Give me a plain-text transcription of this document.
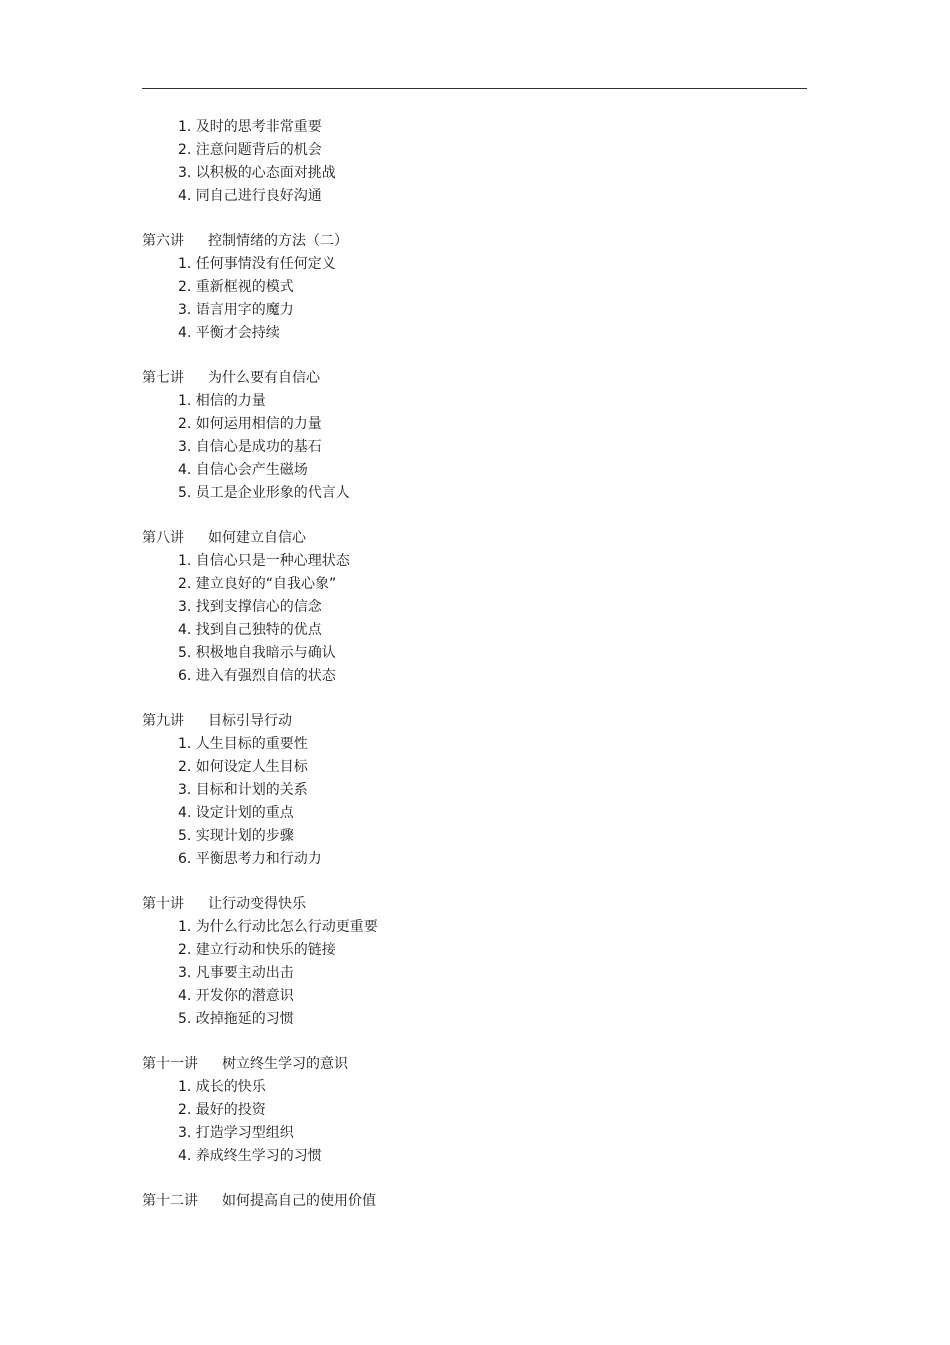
1. 及时的思考非常重要
2. 注意问题背后的机会
3. 以积极的心态面对挑战
4. 同自己进行良好沟通
第六讲 控制情绪的方法（二）
1. 任何事情没有任何定义
2. 重新框视的模式
3. 语言用字的魔力
4. 平衡才会持续
第七讲 为什么要有自信心
1. 相信的力量
2. 如何运用相信的力量
3. 自信心是成功的基石
4. 自信心会产生磁场
5. 员工是企业形象的代言人
第八讲 如何建立自信心
1. 自信心只是一种心理状态
2. 建立良好的“自我心象”
3. 找到支撑信心的信念
4. 找到自己独特的优点
5. 积极地自我暗示与确认
6. 进入有强烈自信的状态
第九讲 目标引导行动
1. 人生目标的重要性
2. 如何设定人生目标
3. 目标和计划的关系
4. 设定计划的重点
5. 实现计划的步骤
6. 平衡思考力和行动力
第十讲 让行动变得快乐
1. 为什么行动比怎么行动更重要
2. 建立行动和快乐的链接
3. 凡事要主动出击
4. 开发你的潜意识
5. 改掉拖延的习惯
第十一讲 树立终生学习的意识
1. 成长的快乐
2. 最好的投资
3. 打造学习型组织
4. 养成终生学习的习惯
第十二讲 如何提高自己的使用价值
